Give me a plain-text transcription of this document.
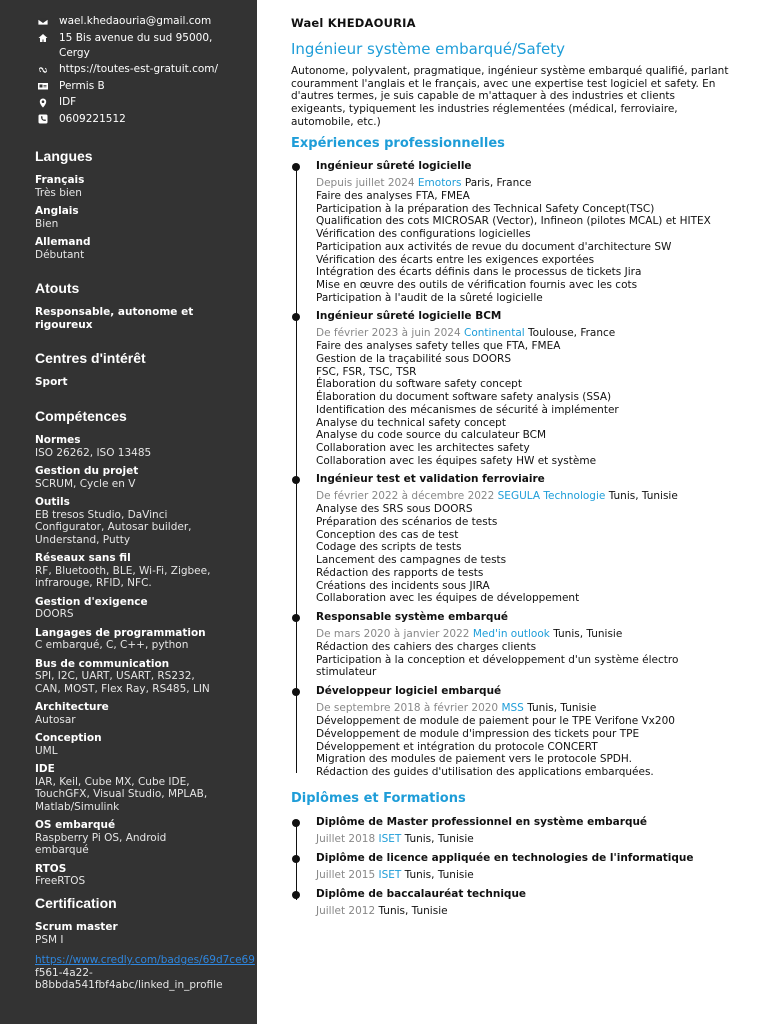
wael.khedaouria@gmail.com
15 Bis avenue du sud 95000, Cergy
https://toutes-est-gratuit.com/
Permis B
IDF
0609221512
Langues
Français
Très bien
Anglais
Bien
Allemand
Débutant
Atouts
Responsable, autonome et rigoureux
Centres d'intérêt
Sport
Compétences
Normes
ISO 26262, ISO 13485
Gestion du projet
SCRUM, Cycle en V
Outils
EB tresos Studio, DaVinci Configurator, Autosar builder, Understand, Putty
Réseaux sans fil
RF, Bluetooth, BLE, Wi-Fi, Zigbee, infrarouge, RFID, NFC.
Gestion d'exigence
DOORS
Langages de programmation
C embarqué, C, C++, python
Bus de communication
SPI, I2C, UART, USART, RS232, CAN, MOST, Flex Ray, RS485, LIN
Architecture
Autosar
Conception
UML
IDE
IAR, Keil, Cube MX, Cube IDE, TouchGFX, Visual Studio, MPLAB, Matlab/Simulink
OS embarqué
Raspberry Pi OS, Android embarqué
RTOS
FreeRTOS
Certification
Scrum master
PSM I
https://www.credly.com/badges/69d7ce69
f561-4a22-b8bbda541fbf4abc/linked_in_profile
Wael KHEDAOURIA
Ingénieur système embarqué/Safety
Autonome, polyvalent, pragmatique, ingénieur système embarqué qualifié, parlant couramment l'anglais et le français, avec une expertise test logiciel et safety. En d'autres termes, je suis capable de m'attaquer à des industries et clients exigeants, typiquement les industries réglementées (médical, ferroviaire, automobile, etc.)
Expériences professionnelles
Ingénieur sûreté logicielle
Depuis juillet 2024 Emotors Paris, France
Faire des analyses FTA, FMEA
Participation à la préparation des Technical Safety Concept(TSC)
Qualification des cots MICROSAR (Vector), Infineon (pilotes MCAL) et HITEX
Vérification des configurations logicielles
Participation aux activités de revue du document d'architecture SW
Vérification des écarts entre les exigences exportées
Intégration des écarts définis dans le processus de tickets Jira
Mise en œuvre des outils de vérification fournis avec les cots
Participation à l'audit de la sûreté logicielle
Ingénieur sûreté logicielle BCM
De février 2023 à juin 2024 Continental Toulouse, France
Faire des analyses safety telles que FTA, FMEA
Gestion de la traçabilité sous DOORS
FSC, FSR, TSC, TSR
Élaboration du software safety concept
Élaboration du document software safety analysis (SSA)
Identification des mécanismes de sécurité à implémenter
Analyse du technical safety concept
Analyse du code source du calculateur BCM
Collaboration avec les architectes safety
Collaboration avec les équipes safety HW et système
Ingénieur test et validation ferroviaire
De février 2022 à décembre 2022 SEGULA Technologie Tunis, Tunisie
Analyse des SRS sous DOORS
Préparation des scénarios de tests
Conception des cas de test
Codage des scripts de tests
Lancement des campagnes de tests
Rédaction des rapports de tests
Créations des incidents sous JIRA
Collaboration avec les équipes de développement
Responsable système embarqué
De mars 2020 à janvier 2022 Med'in outlook Tunis, Tunisie
Rédaction des cahiers des charges clients
Participation à la conception et développement d'un système électro stimulateur
Développeur logiciel embarqué
De septembre 2018 à février 2020 MSS Tunis, Tunisie
Développement de module de paiement pour le TPE Verifone Vx200
Développement de module d'impression des tickets pour TPE
Développement et intégration du protocole CONCERT
Migration des modules de paiement vers le protocole SPDH.
Rédaction des guides d'utilisation des applications embarquées.
Diplômes et Formations
Diplôme de Master professionnel en système embarqué
Juillet 2018 ISET Tunis, Tunisie
Diplôme de licence appliquée en technologies de l'informatique
Juillet 2015 ISET Tunis, Tunisie
Diplôme de baccalauréat technique
Juillet 2012 Tunis, Tunisie
